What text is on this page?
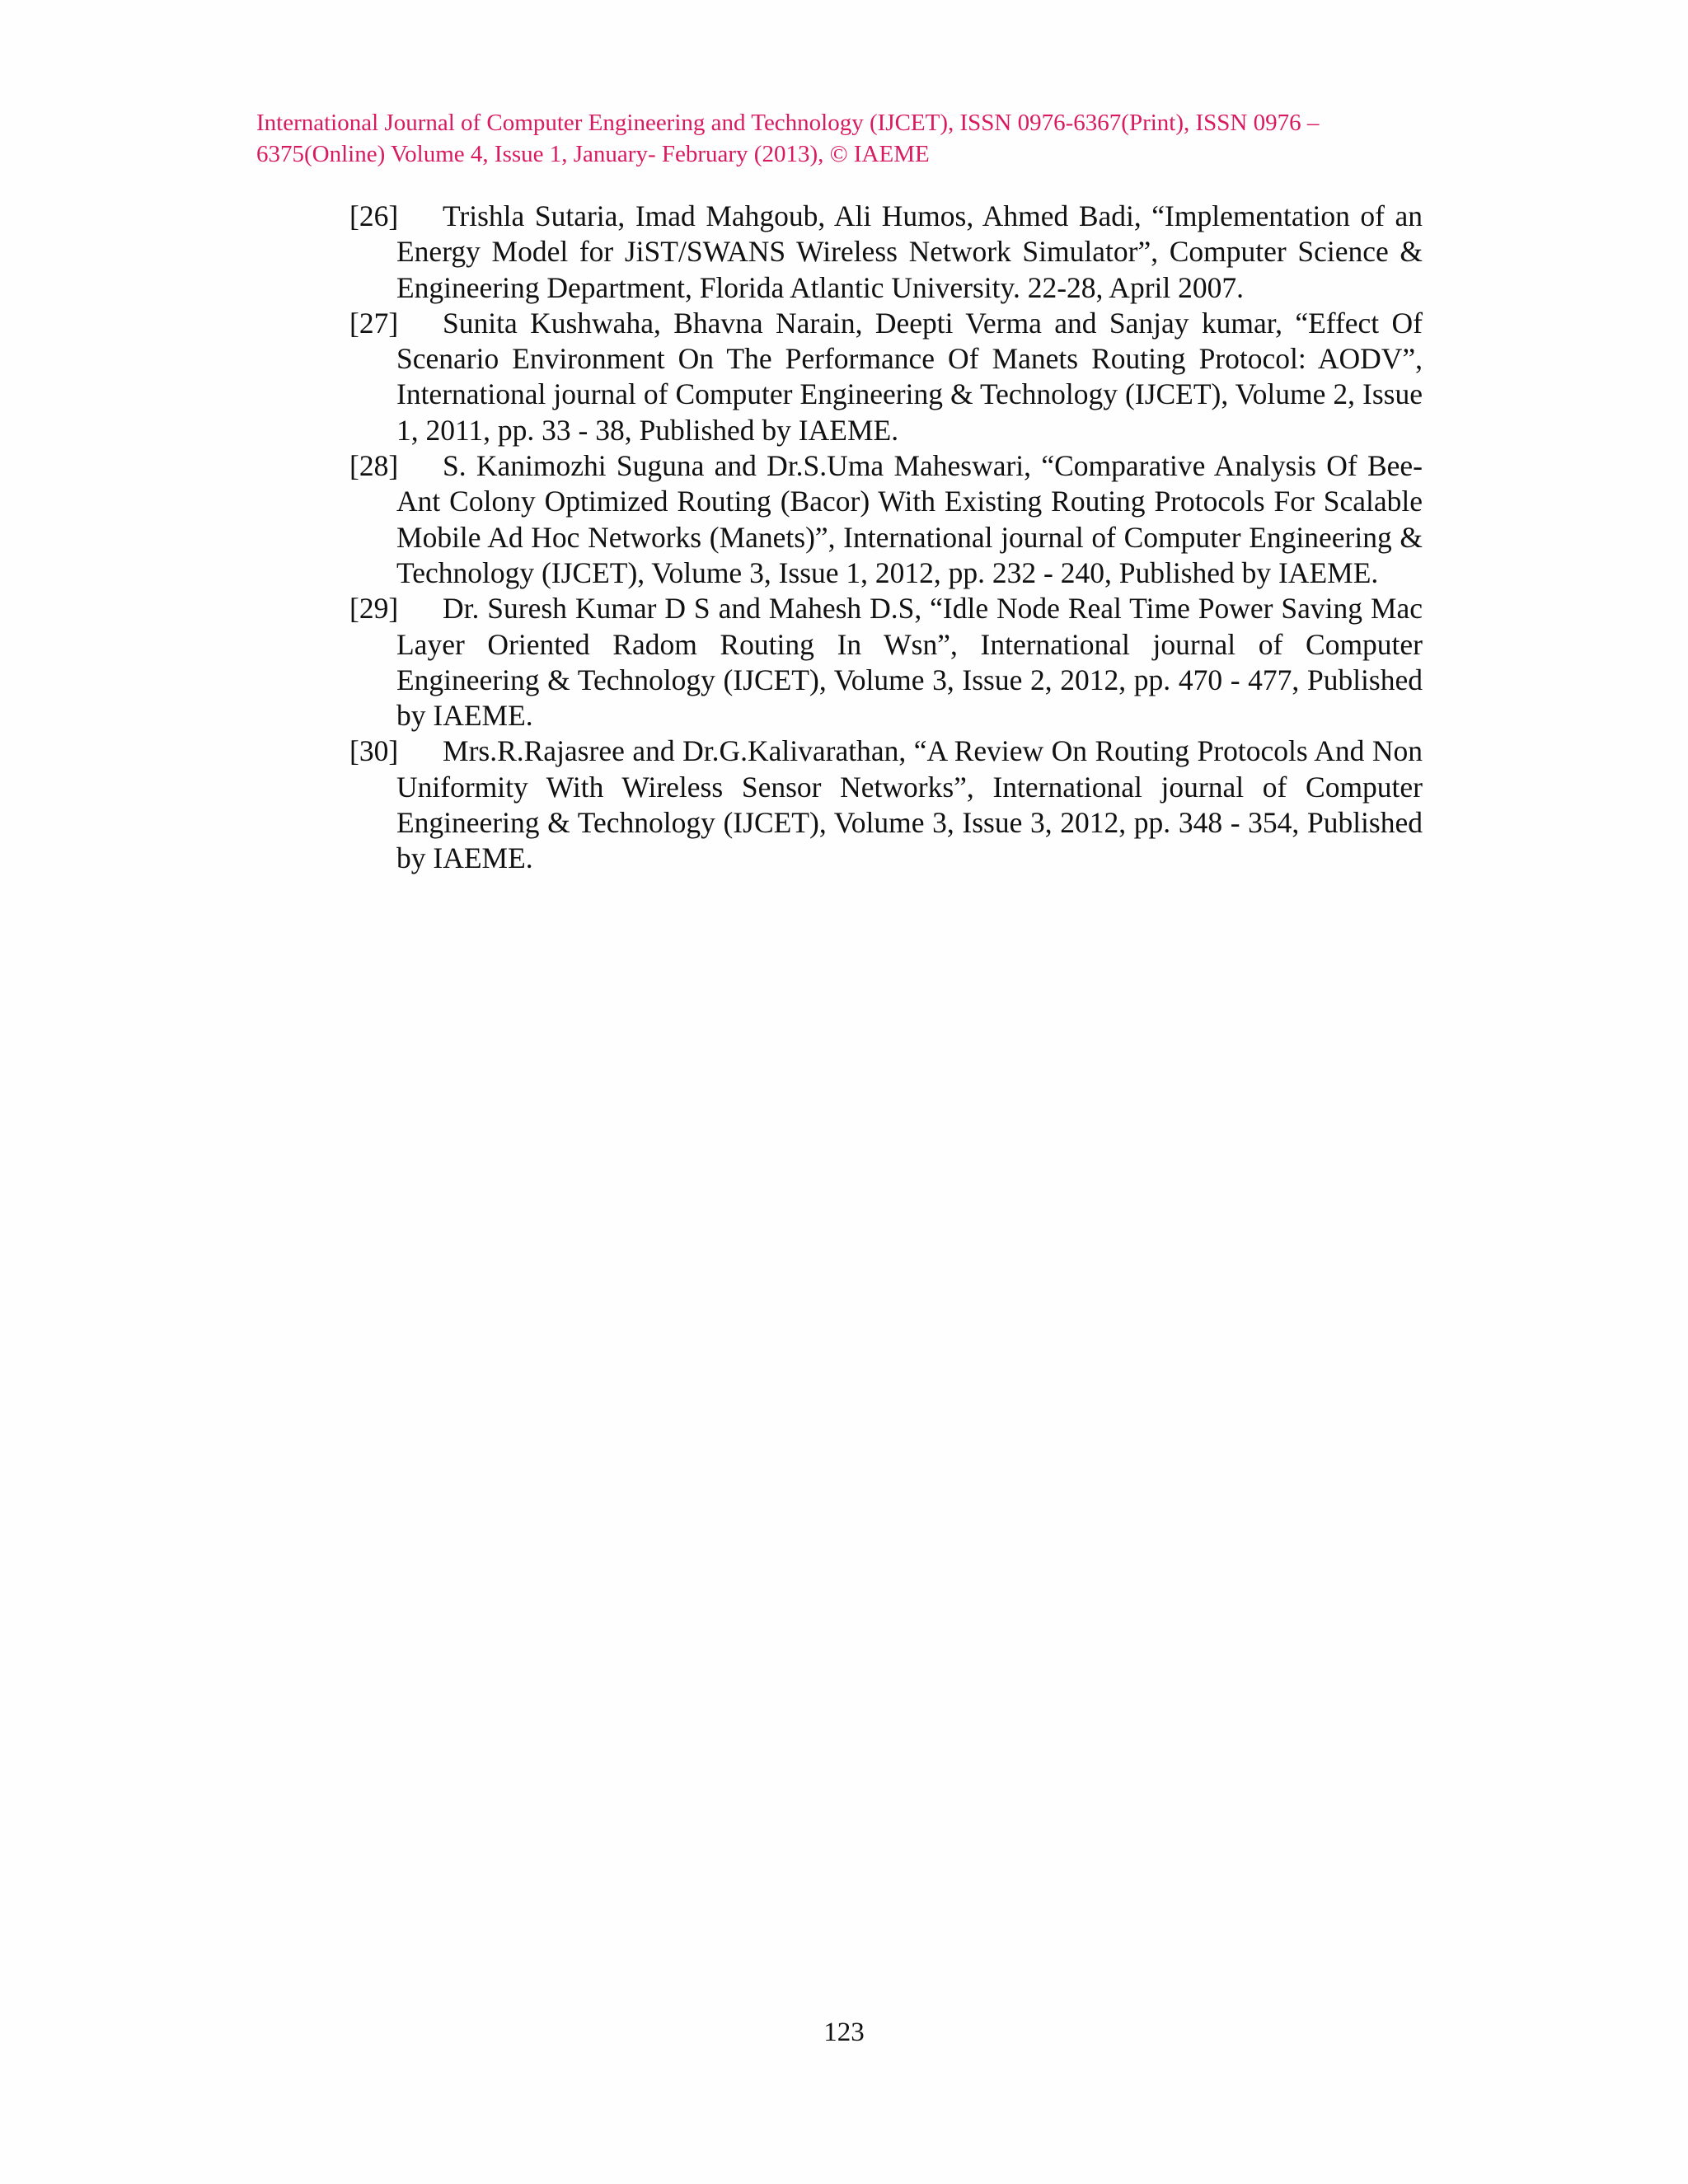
International Journal of Computer Engineering and Technology (IJCET), ISSN 0976-6367(Print), ISSN 0976 –
6375(Online) Volume 4, Issue 1, January- February (2013), © IAEME
[26]	Trishla Sutaria, Imad Mahgoub, Ali Humos, Ahmed Badi, “Implementation of an Energy Model for JiST/SWANS Wireless Network Simulator”, Computer Science & Engineering Department, Florida Atlantic University. 22-28, April 2007.
[27]	Sunita Kushwaha, Bhavna Narain, Deepti Verma and Sanjay kumar, “Effect Of Scenario Environment On The Performance Of Manets Routing Protocol: AODV”, International journal of Computer Engineering & Technology (IJCET), Volume 2, Issue 1, 2011, pp. 33 - 38, Published by IAEME.
[28]	S. Kanimozhi Suguna and Dr.S.Uma Maheswari, “Comparative Analysis Of Bee-Ant Colony Optimized Routing (Bacor) With Existing Routing Protocols For Scalable Mobile Ad Hoc Networks (Manets)”, International journal of Computer Engineering & Technology (IJCET), Volume 3, Issue 1, 2012, pp. 232 - 240, Published by IAEME.
[29]	Dr. Suresh Kumar D S and Mahesh D.S, “Idle Node Real Time Power Saving Mac Layer Oriented Radom Routing In Wsn”, International journal of Computer Engineering & Technology (IJCET), Volume 3, Issue 2, 2012, pp. 470 - 477, Published by IAEME.
[30]	Mrs.R.Rajasree and Dr.G.Kalivarathan, “A Review On Routing Protocols And Non Uniformity With Wireless Sensor Networks”, International journal of Computer Engineering & Technology (IJCET), Volume 3, Issue 3, 2012, pp. 348 - 354, Published by IAEME.
123
